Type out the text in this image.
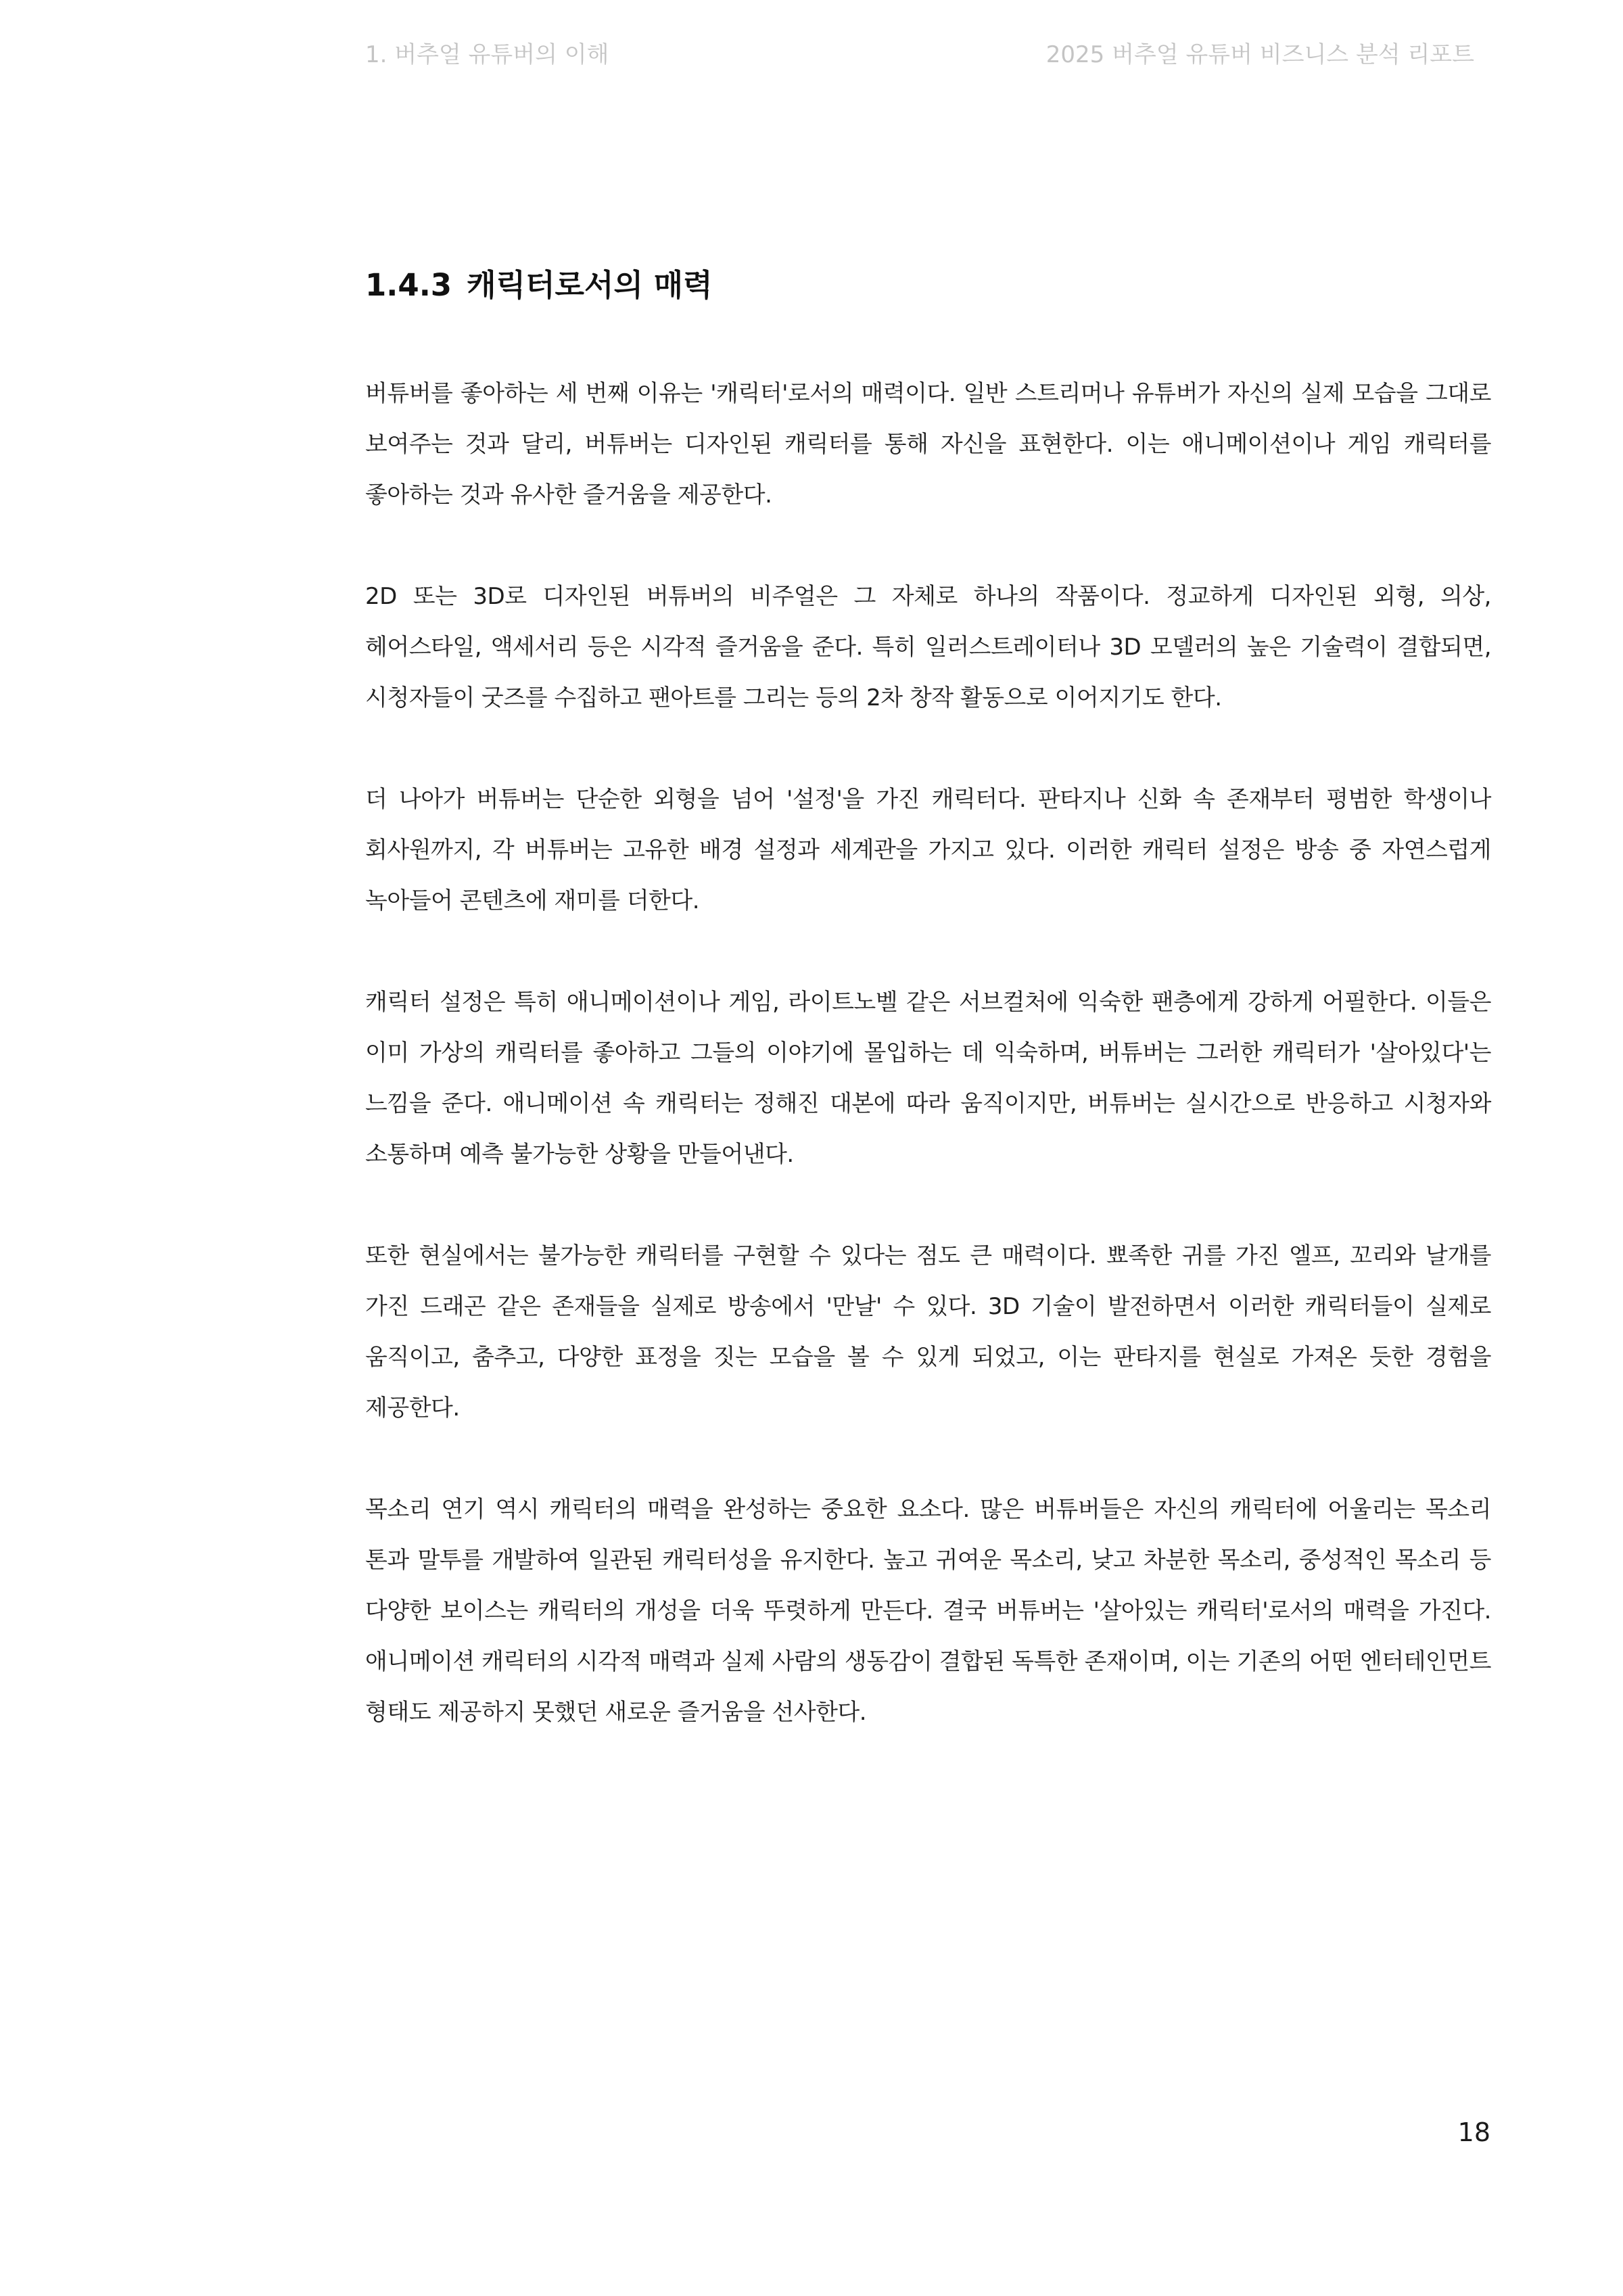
1. 버추얼 유튜버의 이해	2025 버추얼 유튜버 비즈니스 분석 리포트
1.4.3 캐릭터로서의 매력

버튜버를 좋아하는 세 번째 이유는 '캐릭터'로서의 매력이다. 일반 스트리머나 유튜버가 자신의 실제 모습을 그대로 보여주는 것과 달리, 버튜버는 디자인된 캐릭터를 통해 자신을 표현한다. 이는 애니메이션이나 게임 캐릭터를 좋아하는 것과 유사한 즐거움을 제공한다.

2D 또는 3D로 디자인된 버튜버의 비주얼은 그 자체로 하나의 작품이다. 정교하게 디자인된 외형, 의상, 헤어스타일, 액세서리 등은 시각적 즐거움을 준다. 특히 일러스트레이터나 3D 모델러의 높은 기술력이 결합되면, 시청자들이 굿즈를 수집하고 팬아트를 그리는 등의 2차 창작 활동으로 이어지기도 한다.

더 나아가 버튜버는 단순한 외형을 넘어 '설정'을 가진 캐릭터다. 판타지나 신화 속 존재부터 평범한 학생이나 회사원까지, 각 버튜버는 고유한 배경 설정과 세계관을 가지고 있다. 이러한 캐릭터 설정은 방송 중 자연스럽게 녹아들어 콘텐츠에 재미를 더한다.

캐릭터 설정은 특히 애니메이션이나 게임, 라이트노벨 같은 서브컬처에 익숙한 팬층에게 강하게 어필한다. 이들은 이미 가상의 캐릭터를 좋아하고 그들의 이야기에 몰입하는 데 익숙하며, 버튜버는 그러한 캐릭터가 '살아있다'는 느낌을 준다. 애니메이션 속 캐릭터는 정해진 대본에 따라 움직이지만, 버튜버는 실시간으로 반응하고 시청자와 소통하며 예측 불가능한 상황을 만들어낸다.

또한 현실에서는 불가능한 캐릭터를 구현할 수 있다는 점도 큰 매력이다. 뾰족한 귀를 가진 엘프, 꼬리와 날개를 가진 드래곤 같은 존재들을 실제로 방송에서 '만날' 수 있다. 3D 기술이 발전하면서 이러한 캐릭터들이 실제로 움직이고, 춤추고, 다양한 표정을 짓는 모습을 볼 수 있게 되었고, 이는 판타지를 현실로 가져온 듯한 경험을 제공한다.

목소리 연기 역시 캐릭터의 매력을 완성하는 중요한 요소다. 많은 버튜버들은 자신의 캐릭터에 어울리는 목소리 톤과 말투를 개발하여 일관된 캐릭터성을 유지한다. 높고 귀여운 목소리, 낮고 차분한 목소리, 중성적인 목소리 등 다양한 보이스는 캐릭터의 개성을 더욱 뚜렷하게 만든다. 결국 버튜버는 '살아있는 캐릭터'로서의 매력을 가진다. 애니메이션 캐릭터의 시각적 매력과 실제 사람의 생동감이 결합된 독특한 존재이며, 이는 기존의 어떤 엔터테인먼트 형태도 제공하지 못했던 새로운 즐거움을 선사한다.

18
